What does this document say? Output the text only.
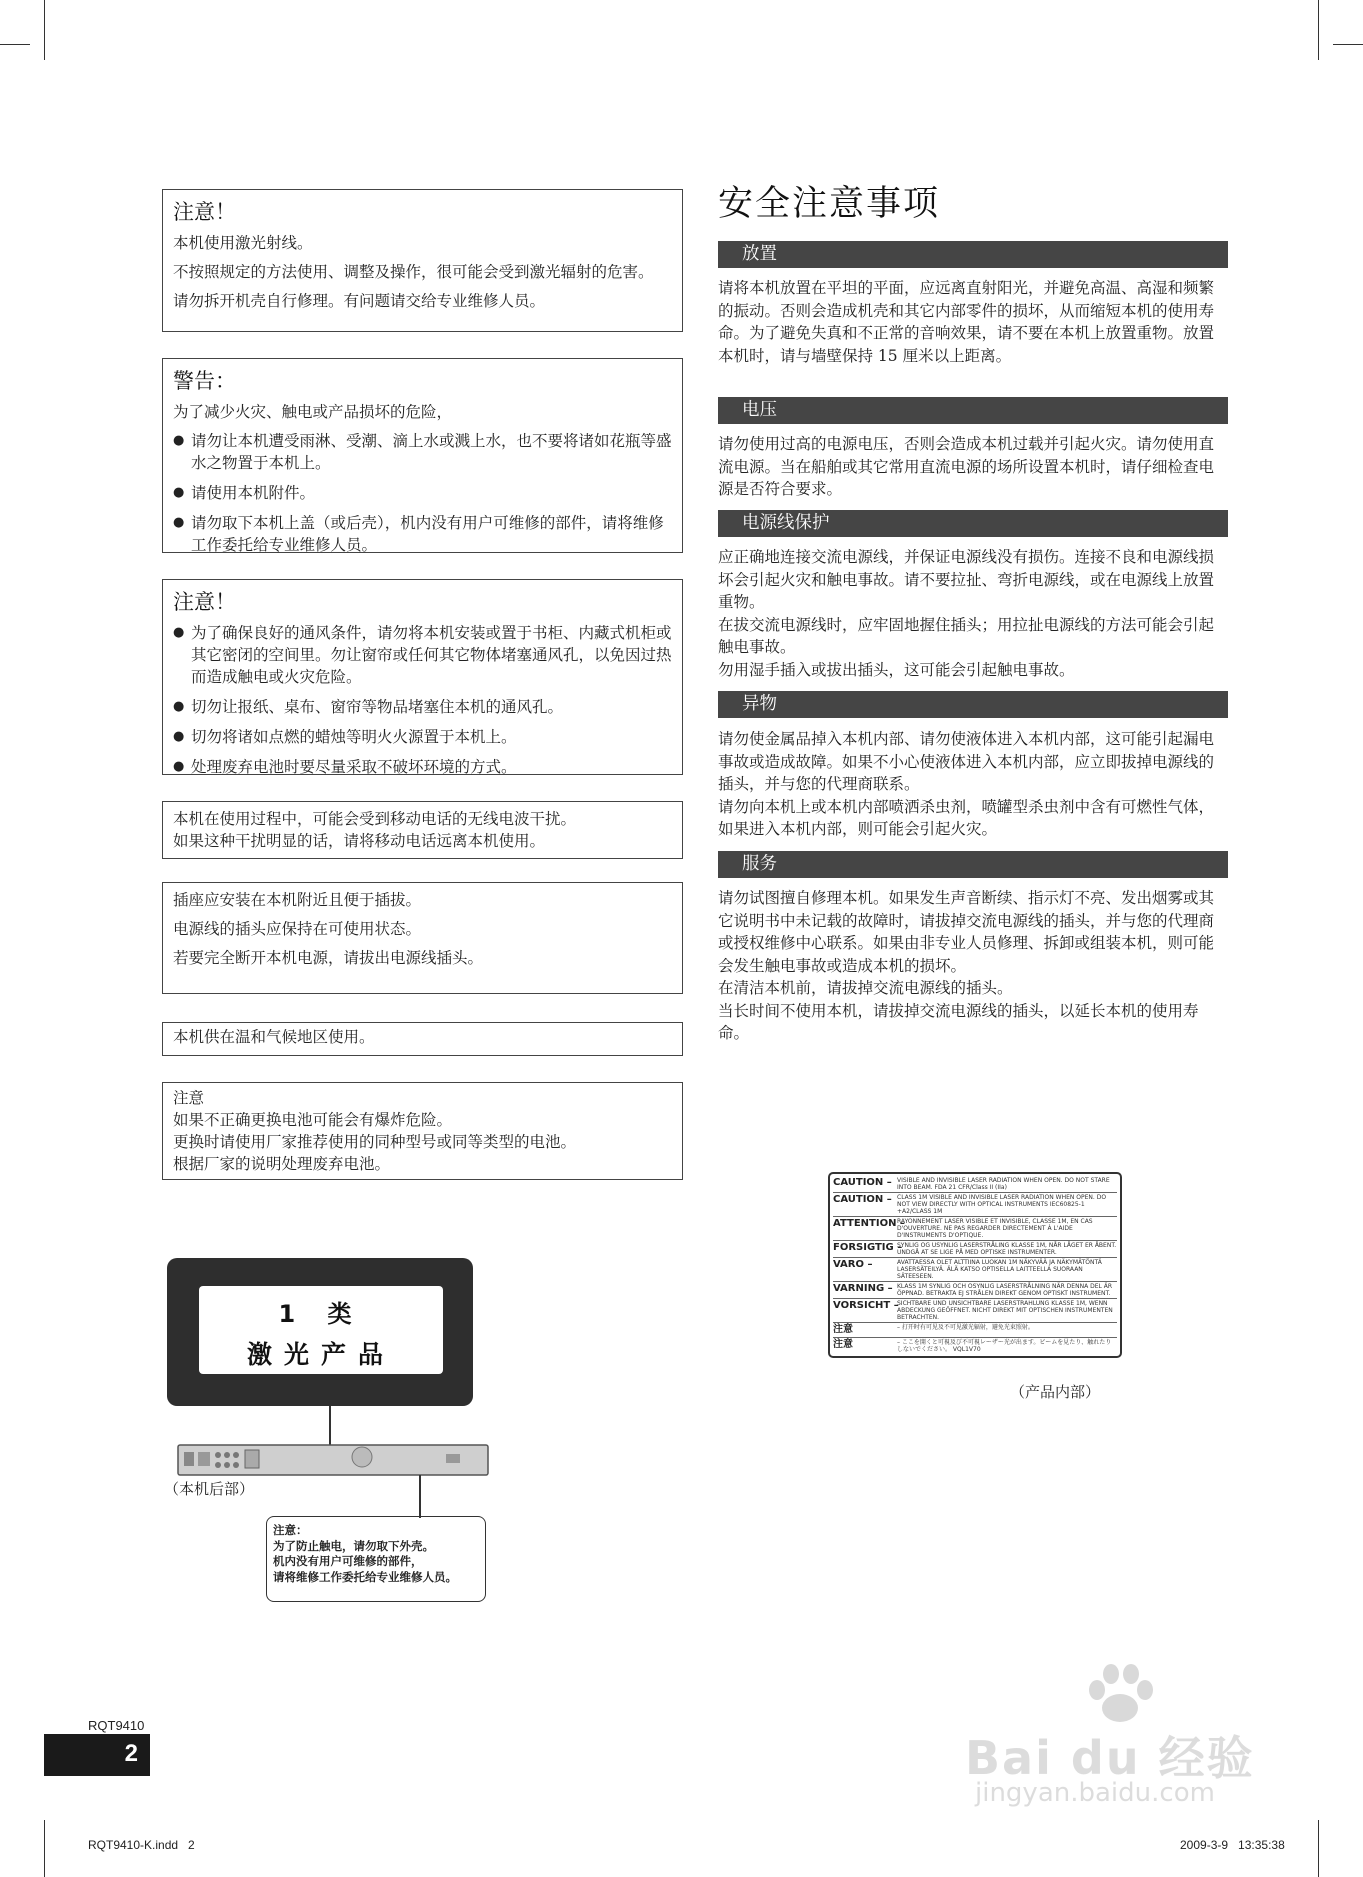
注意！

本机使用激光射线。

不按照规定的方法使用、调整及操作，很可能会受到激光辐射的危害。

请勿拆开机壳自行修理。有问题请交给专业维修人员。

警告：

为了减少火灾、触电或产品损坏的危险，

● 请勿让本机遭受雨淋、受潮、滴上水或溅上水，也不要将诸如花瓶等盛水之物置于本机上。
● 请使用本机附件。
● 请勿取下本机上盖（或后壳），机内没有用户可维修的部件，请将维修工作委托给专业维修人员。
注意！
● 为了确保良好的通风条件，请勿将本机安装或置于书柜、内藏式机柜或其它密闭的空间里。勿让窗帘或任何其它物体堵塞通风孔，以免因过热而造成触电或火灾危险。
● 切勿让报纸、桌布、窗帘等物品堵塞住本机的通风孔。
● 切勿将诸如点燃的蜡烛等明火火源置于本机上。
● 处理废弃电池时要尽量采取不破坏环境的方式。

本机在使用过程中，可能会受到移动电话的无线电波干扰。

如果这种干扰明显的话，请将移动电话远离本机使用。

插座应安装在本机附近且便于插拔。

电源线的插头应保持在可使用状态。

若要完全断开本机电源，请拔出电源线插头。

本机供在温和气候地区使用。

注意

如果不正确更换电池可能会有爆炸危险。

更换时请使用厂家推荐使用的同种型号或同等类型的电池。

根据厂家的说明处理废弃电池。

1 类
激光产品
（本机后部）
注意：
为了防止触电，请勿取下外壳。
机内没有用户可维修的部件，
请将维修工作委托给专业维修人员。
安全注意事项
放置

请将本机放置在平坦的平面，应远离直射阳光，并避免高温、高湿和频繁的振动。否则会造成机壳和其它内部零件的损坏，从而缩短本机的使用寿命。为了避免失真和不正常的音响效果，请不要在本机上放置重物。放置本机时，请与墙壁保持 15 厘米以上距离。

电压

请勿使用过高的电源电压，否则会造成本机过载并引起火灾。请勿使用直流电源。当在船舶或其它常用直流电源的场所设置本机时，请仔细检查电源是否符合要求。

电源线保护

应正确地连接交流电源线，并保证电源线没有损伤。连接不良和电源线损坏会引起火灾和触电事故。请不要拉扯、弯折电源线，或在电源线上放置重物。

在拔交流电源线时，应牢固地握住插头；用拉扯电源线的方法可能会引起触电事故。

勿用湿手插入或拔出插头，这可能会引起触电事故。

异物

请勿使金属品掉入本机内部、请勿使液体进入本机内部，这可能引起漏电事故或造成故障。如果不小心使液体进入本机内部，应立即拔掉电源线的插头，并与您的代理商联系。

请勿向本机上或本机内部喷洒杀虫剂，喷罐型杀虫剂中含有可燃性气体，如果进入本机内部，则可能会引起火灾。

服务

请勿试图擅自修理本机。如果发生声音断续、指示灯不亮、发出烟雾或其它说明书中未记载的故障时，请拔掉交流电源线的插头，并与您的代理商或授权维修中心联系。如果由非专业人员修理、拆卸或组装本机，则可能会发生触电事故或造成本机的损坏。

在清洁本机前，请拔掉交流电源线的插头。

当长时间不使用本机，请拔掉交流电源线的插头，以延长本机的使用寿命。

CAUTION – VISIBLE AND INVISIBLE LASER RADIATION WHEN OPEN. DO NOT STARE INTO BEAM. FDA 21 CFR/Class II (IIa)
CAUTION – CLASS 1M VISIBLE AND INVISIBLE LASER RADIATION WHEN OPEN. DO NOT VIEW DIRECTLY WITH OPTICAL INSTRUMENTS IEC60825-1 +A2/CLASS 1M
ATTENTION –
RAYONNEMENT LASER VISIBLE ET INVISIBLE, CLASSE 1M, EN CAS D'OUVERTURE. NE PAS REGARDER DIRECTEMENT À L'AIDE D'INSTRUMENTS D'OPTIQUE.
FORSIGTIG –
SYNLIG OG USYNLIG LASERSTRÅLING KLASSE 1M, NÅR LÅGET ER ÅBENT. UNDGÅ AT SE LIGE PÅ MED OPTISKE INSTRUMENTER.
VARO –	AVATTAESSA OLET ALTTIINA LUOKAN 1M NÄKYVÄÄ JA NÄKYMÄTÖNTÄ LASERSÄTEILYÄ. ÄLÄ KATSO OPTISELLA LAITTEELLA SUORAAN SÄTEESEEN.
VARNING – KLASS 1M SYNLIG OCH OSYNLIG LASERSTRÅLNING NÄR DENNA DEL ÄR ÖPPNAD. BETRAKTA EJ STRÅLEN DIREKT GENOM OPTISKT INSTRUMENT.
VORSICHT –
SICHTBARE UND UNSICHTBARE LASERSTRAHLUNG KLASSE 1M, WENN ABDECKUNG GEÖFFNET. NICHT DIREKT MIT OPTISCHEN INSTRUMENTEN BETRACHTEN.
注意	– 打开时有可见及不可见激光辐射，避免光束照射。
注意	– ここを開くと可視及び不可視レーザー光が出ます。ビームを見たり、触れたりしないでください。 VQL1V70
（产品内部）
RQT9410
2
RQT9410-K.indd   2	2009-3-9   13:35:38
Bai du 经验
jingyan.baidu.com
